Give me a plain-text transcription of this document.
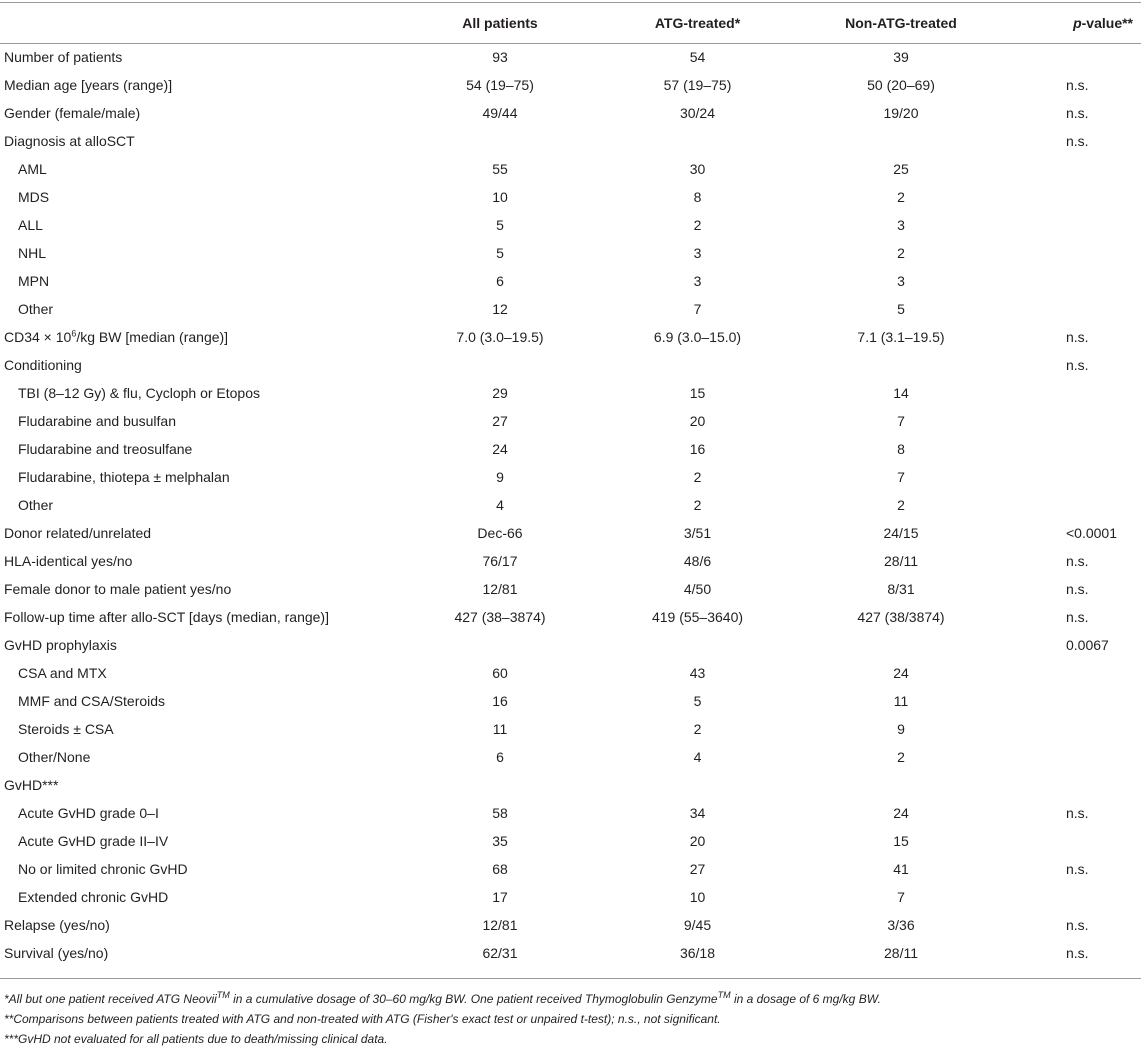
	All patients	ATG-treated*	Non-ATG-treated	p-value**
Number of patients	93	54	39	
Median age [years (range)]	54 (19–75)	57 (19–75)	50 (20–69)	n.s.
Gender (female/male)	49/44	30/24	19/20	n.s.
Diagnosis at alloSCT				n.s.
AML	55	30	25	
MDS	10	8	2	
ALL	5	2	3	
NHL	5	3	2	
MPN	6	3	3	
Other	12	7	5	
$CD34 \times 10^6/kg$ BW [median (range)]	7.0 (3.0–19.5)	6.9 (3.0–15.0)	7.1 (3.1–19.5)	n.s.
Conditioning				n.s.
TBI (8–12 Gy) & flu, Cycloph or Etopos	29	15	14	
Fludarabine and busulfan	27	20	7	
Fludarabine and treosulfane	24	16	8	
Fludarabine, thiotepa ± melphalan	9	2	7	
Other	4	2	2	
Donor related/unrelated	Dec-66	3/51	24/15	<0.0001
HLA-identical yes/no	76/17	48/6	28/11	n.s.
Female donor to male patient yes/no	12/81	4/50	8/31	n.s.
Follow-up time after allo-SCT [days (median, range)]	427 (38–3874)	419 (55–3640)	427 (38/3874)	n.s.
GvHD prophylaxis				0.0067
CSA and MTX	60	43	24	
MMF and CSA/Steroids	16	5	11	
Steroids ± CSA	11	2	9	
Other/None	6	4	2	
GvHD***				
Acute GvHD grade 0–I	58	34	24	n.s.
Acute GvHD grade II–IV	35	20	15	
No or limited chronic GvHD	68	27	41	n.s.
Extended chronic GvHD	17	10	7	
Relapse (yes/no)	12/81	9/45	3/36	n.s.
Survival (yes/no)	62/31	36/18	28/11	n.s.
*All but one patient received ATG Neovii™ in a cumulative dosage of 30–60 mg/kg BW. One patient received Thymoglobulin Genzyme™ in a dosage of 6 mg/kg BW.
**Comparisons between patients treated with ATG and non-treated with ATG (Fisher's exact test or unpaired t-test); n.s., not significant.
***GvHD not evaluated for all patients due to death/missing clinical data.
